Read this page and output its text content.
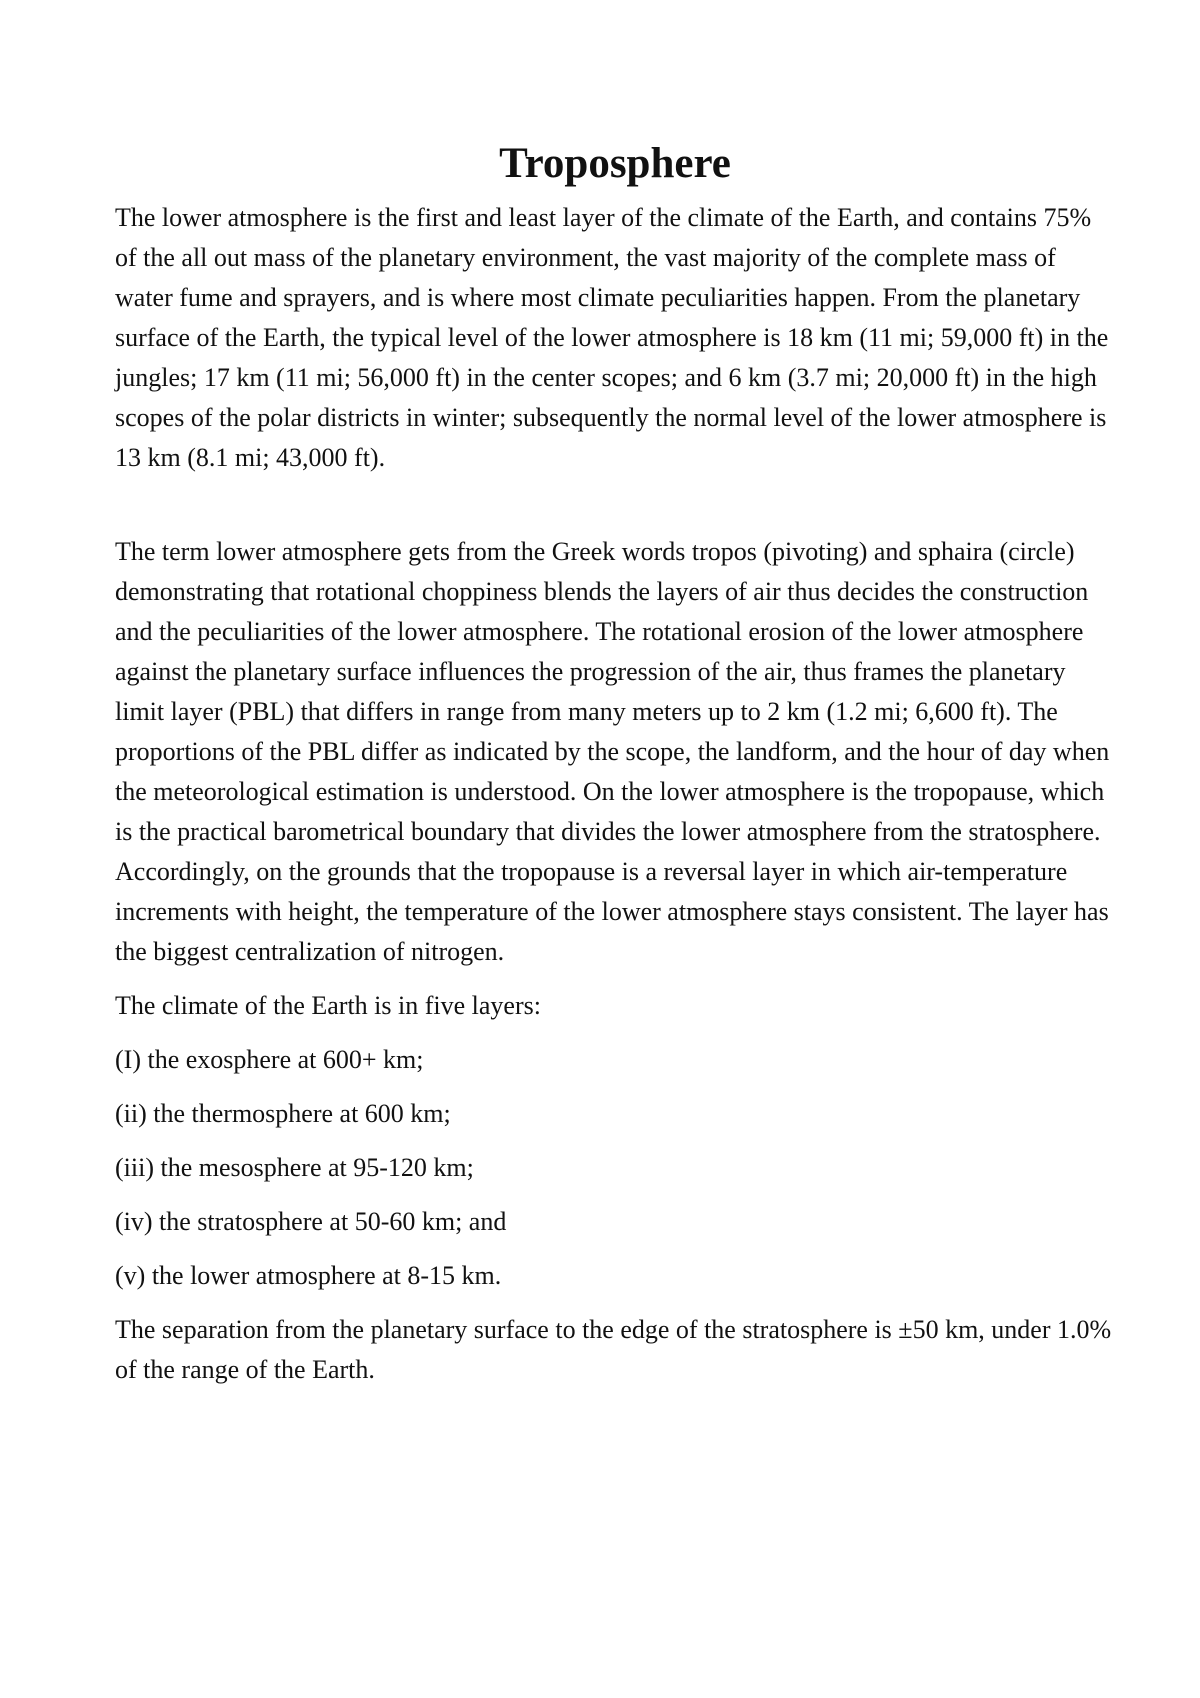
Troposphere

The lower atmosphere is the first and least layer of the climate of the Earth, and contains 75% of the all out mass of the planetary environment, the vast majority of the complete mass of water fume and sprayers, and is where most climate peculiarities happen. From the planetary surface of the Earth, the typical level of the lower atmosphere is 18 km (11 mi; 59,000 ft) in the jungles; 17 km (11 mi; 56,000 ft) in the center scopes; and 6 km (3.7 mi; 20,000 ft) in the high scopes of the polar districts in winter; subsequently the normal level of the lower atmosphere is 13 km (8.1 mi; 43,000 ft).

The term lower atmosphere gets from the Greek words tropos (pivoting) and sphaira (circle) demonstrating that rotational choppiness blends the layers of air thus decides the construction and the peculiarities of the lower atmosphere. The rotational erosion of the lower atmosphere against the planetary surface influences the progression of the air, thus frames the planetary limit layer (PBL) that differs in range from many meters up to 2 km (1.2 mi; 6,600 ft). The proportions of the PBL differ as indicated by the scope, the landform, and the hour of day when the meteorological estimation is understood. On the lower atmosphere is the tropopause, which is the practical barometrical boundary that divides the lower atmosphere from the stratosphere. Accordingly, on the grounds that the tropopause is a reversal layer in which air-temperature increments with height, the temperature of the lower atmosphere stays consistent. The layer has the biggest centralization of nitrogen.

The climate of the Earth is in five layers:

(I) the exosphere at 600+ km;
(ii) the thermosphere at 600 km;
(iii) the mesosphere at 95-120 km;
(iv) the stratosphere at 50-60 km; and
(v) the lower atmosphere at 8-15 km.

The separation from the planetary surface to the edge of the stratosphere is ±50 km, under 1.0% of the range of the Earth.
